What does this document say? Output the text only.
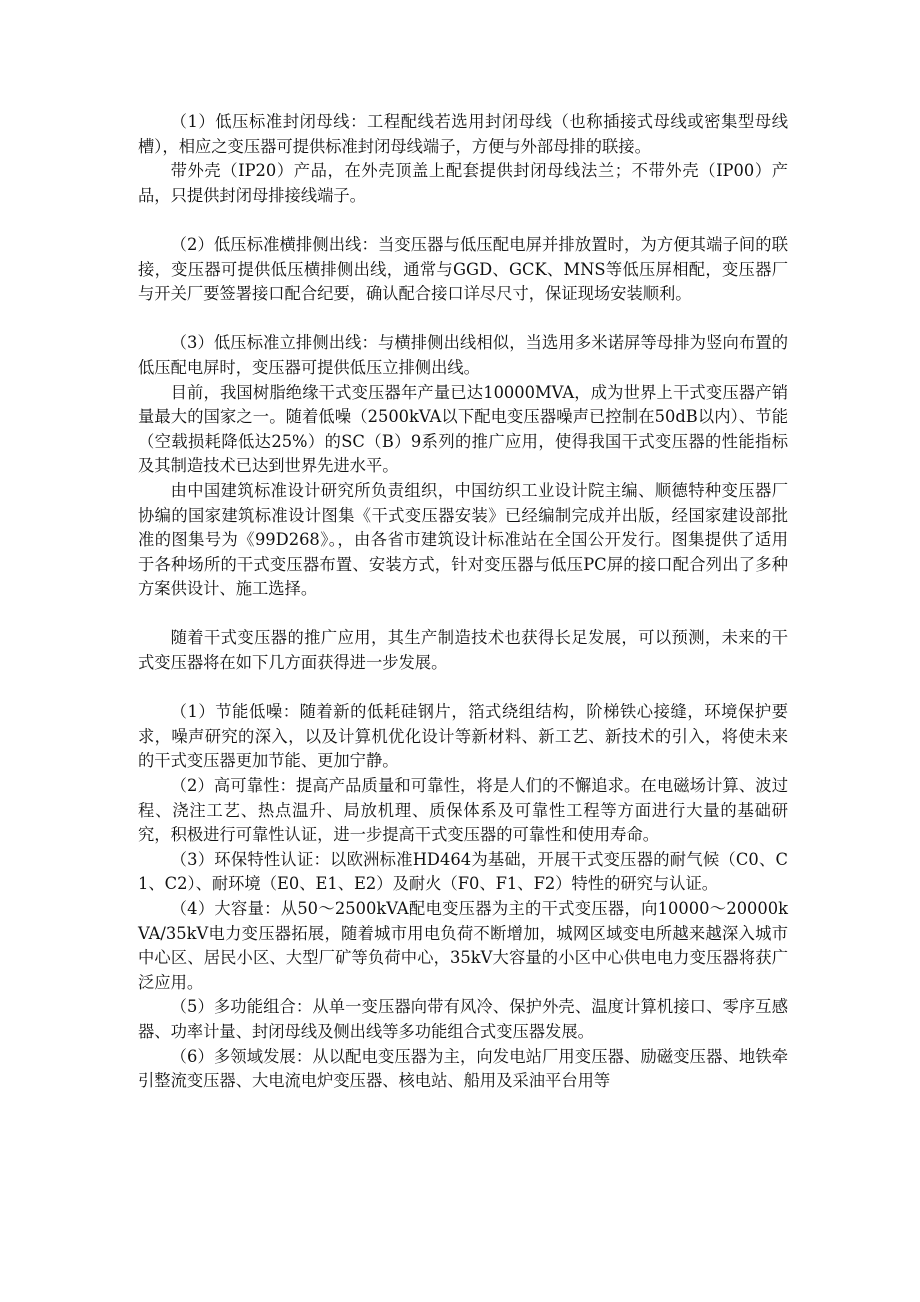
（1）低压标准封闭母线：工程配线若选用封闭母线（也称插接式母线或密集型母线槽），相应之变压器可提供标准封闭母线端子，方便与外部母排的联接。

带外壳（IP20）产品，在外壳顶盖上配套提供封闭母线法兰；不带外壳（IP00）产品，只提供封闭母排接线端子。

（2）低压标准横排侧出线：当变压器与低压配电屏并排放置时，为方便其端子间的联接，变压器可提供低压横排侧出线，通常与GGD、GCK、MNS等低压屏相配，变压器厂与开关厂要签署接口配合纪要，确认配合接口详尽尺寸，保证现场安装顺利。

（3）低压标准立排侧出线：与横排侧出线相似，当选用多米诺屏等母排为竖向布置的低压配电屏时，变压器可提供低压立排侧出线。

目前，我国树脂绝缘干式变压器年产量已达10000MVA，成为世界上干式变压器产销量最大的国家之一。随着低噪（2500kVA以下配电变压器噪声已控制在50dB以内）、节能（空载损耗降低达25%）的SC（B）9系列的推广应用，使得我国干式变压器的性能指标及其制造技术已达到世界先进水平。

由中国建筑标准设计研究所负责组织，中国纺织工业设计院主编、顺德特种变压器厂协编的国家建筑标准设计图集《干式变压器安装》已经编制完成并出版，经国家建设部批准的图集号为《99D268》。，由各省市建筑设计标准站在全国公开发行。图集提供了适用于各种场所的干式变压器布置、安装方式，针对变压器与低压PC屏的接口配合列出了多种方案供设计、施工选择。

随着干式变压器的推广应用，其生产制造技术也获得长足发展，可以预测，未来的干式变压器将在如下几方面获得进一步发展。

（1）节能低噪：随着新的低耗硅钢片，箔式绕组结构，阶梯铁心接缝，环境保护要求，噪声研究的深入，以及计算机优化设计等新材料、新工艺、新技术的引入，将使未来的干式变压器更加节能、更加宁静。

（2）高可靠性：提高产品质量和可靠性，将是人们的不懈追求。在电磁场计算、波过程、浇注工艺、热点温升、局放机理、质保体系及可靠性工程等方面进行大量的基础研究，积极进行可靠性认证，进一步提高干式变压器的可靠性和使用寿命。

（3）环保特性认证：以欧洲标准HD464为基础，开展干式变压器的耐气候（C0、C1、C2）、耐环境（E0、E1、E2）及耐火（F0、F1、F2）特性的研究与认证。

（4）大容量：从50～2500kVA配电变压器为主的干式变压器，向10000～20000kVA/35kV电力变压器拓展，随着城市用电负荷不断增加，城网区域变电所越来越深入城市中心区、居民小区、大型厂矿等负荷中心，35kV大容量的小区中心供电电力变压器将获广泛应用。

（5）多功能组合：从单一变压器向带有风冷、保护外壳、温度计算机接口、零序互感器、功率计量、封闭母线及侧出线等多功能组合式变压器发展。

（6）多领域发展：从以配电变压器为主，向发电站厂用变压器、励磁变压器、地铁牵引整流变压器、大电流电炉变压器、核电站、船用及采油平台用等
